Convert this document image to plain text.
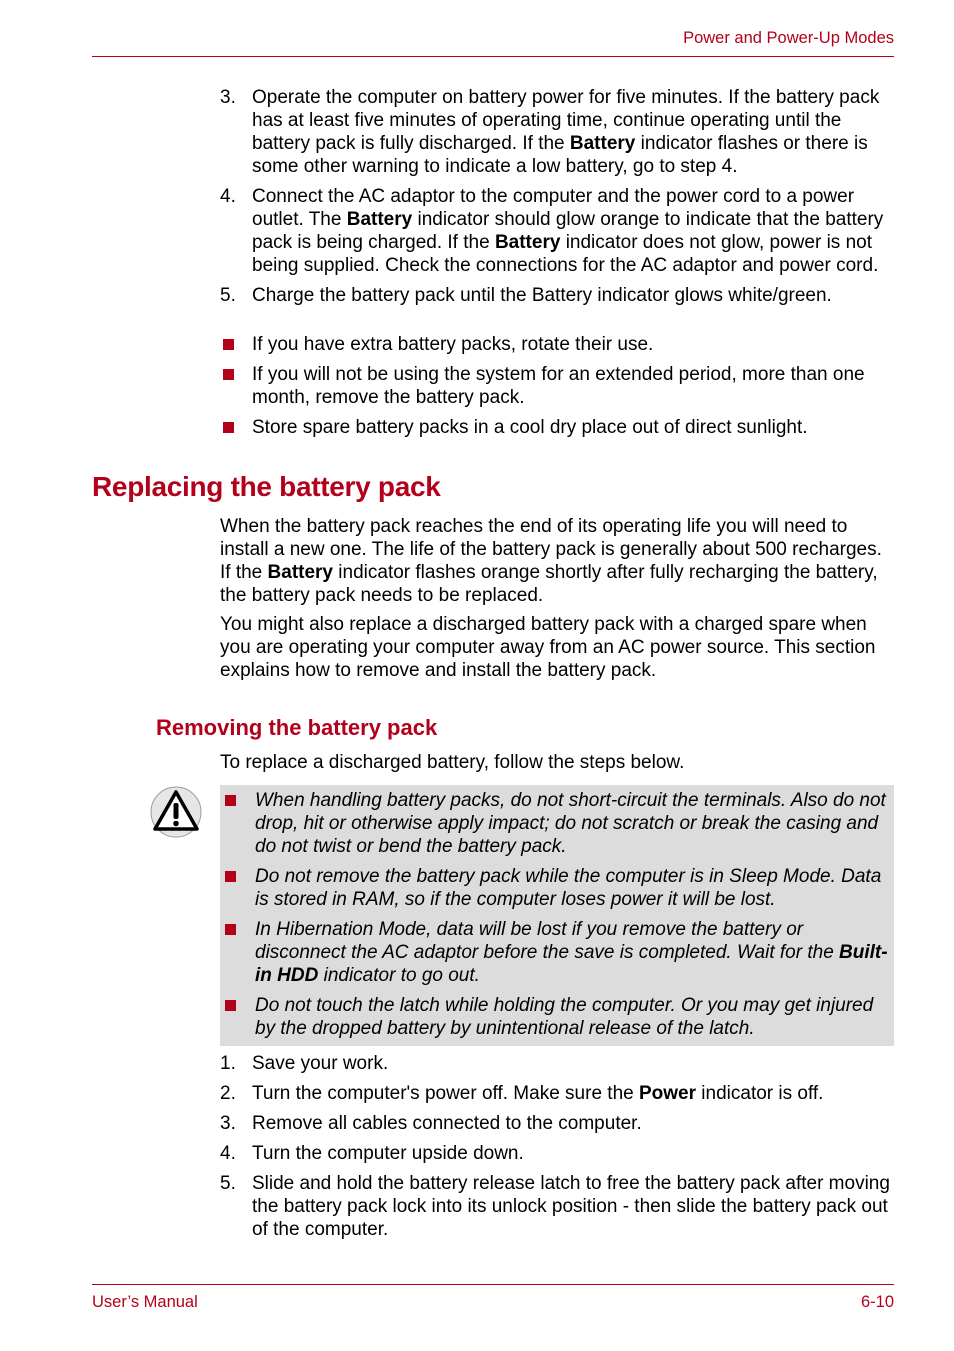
Power and Power-Up Modes
3. Operate the computer on battery power for five minutes. If the battery pack has at least five minutes of operating time, continue operating until the battery pack is fully discharged. If the Battery indicator flashes or there is some other warning to indicate a low battery, go to step 4.
4. Connect the AC adaptor to the computer and the power cord to a power outlet. The Battery indicator should glow orange to indicate that the battery pack is being charged. If the Battery indicator does not glow, power is not being supplied. Check the connections for the AC adaptor and power cord.
5. Charge the battery pack until the Battery indicator glows white/green.
If you have extra battery packs, rotate their use.
If you will not be using the system for an extended period, more than one month, remove the battery pack.
Store spare battery packs in a cool dry place out of direct sunlight.
Replacing the battery pack

When the battery pack reaches the end of its operating life you will need to install a new one. The life of the battery pack is generally about 500 recharges. If the Battery indicator flashes orange shortly after fully recharging the battery, the battery pack needs to be replaced.

You might also replace a discharged battery pack with a charged spare when you are operating your computer away from an AC power source. This section explains how to remove and install the battery pack.

Removing the battery pack
To replace a discharged battery, follow the steps below.
When handling battery packs, do not short-circuit the terminals. Also do not drop, hit or otherwise apply impact; do not scratch or break the casing and do not twist or bend the battery pack.
Do not remove the battery pack while the computer is in Sleep Mode. Data is stored in RAM, so if the computer loses power it will be lost.
In Hibernation Mode, data will be lost if you remove the battery or disconnect the AC adaptor before the save is completed. Wait for the Built-in HDD indicator to go out.
Do not touch the latch while holding the computer. Or you may get injured by the dropped battery by unintentional release of the latch.
1. Save your work.
2. Turn the computer's power off. Make sure the Power indicator is off.
3. Remove all cables connected to the computer.
4. Turn the computer upside down.
5. Slide and hold the battery release latch to free the battery pack after moving the battery pack lock into its unlock position - then slide the battery pack out of the computer.
User’s Manual	6-10
